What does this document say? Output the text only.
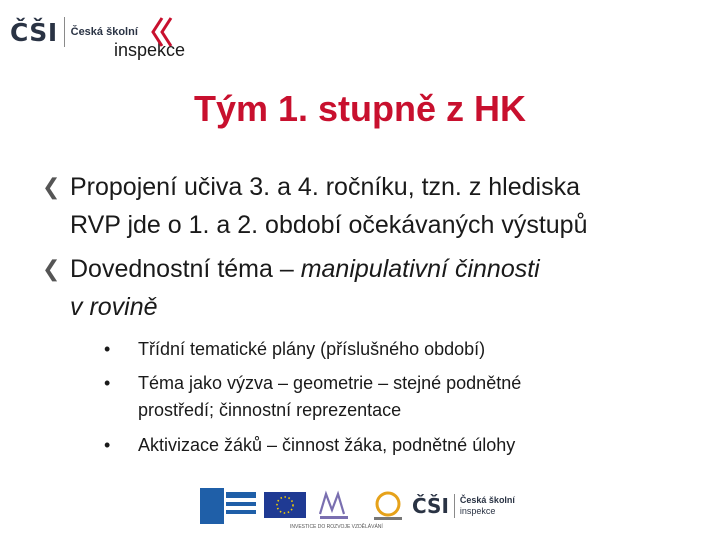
ČŠI Česká školní

inspekce
Tým 1. stupně z HK
❮ Propojení učiva 3. a 4. ročníku, tzn. z hlediska
RVP jde o 1. a 2. období očekávaných výstupů
❮ Dovednostní téma – manipulativní činnosti
v rovině
• Třídní tematické plány (příslušného období)
• Téma jako výzva – geometrie – stejné podnětné
prostředí; činnostní reprezentace
• Aktivizace žáků – činnost žáka, podnětné úlohy
ČŠI Česká školní
inspekce
INVESTICE DO ROZVOJE VZDĚLÁVÁNÍ
